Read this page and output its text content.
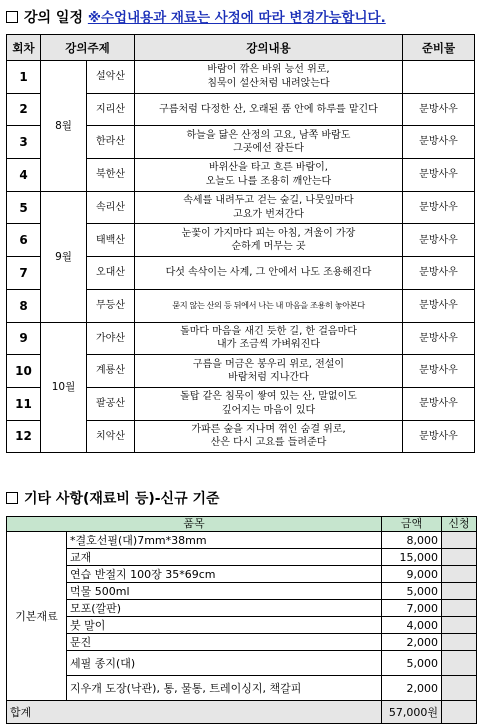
강의 일정 ※수업내용과 재료는 사정에 따라 변경가능합니다.
회차	강의주제		강의내용	준비물
1	8월	설악산	바람이 깎은 바위 능선 위로,
침묵이 설산처럼 내려앉는다	

2		지리산	구름처럼 다정한 산, 오래된 품 안에 하루를 맡긴다	문방사우
3		한라산	하늘을 닮은 산정의 고요, 남쪽 바람도
그곳에선 잠든다	문방사우
4		북한산	바위산을 타고 흐른 바람이,
오늘도 나를 조용히 깨안는다	문방사우
5	9월	속리산	속세를 내려두고 걷는 숲길, 나뭇잎마다
고요가 번져간다	문방사우
6		태백산	눈꽃이 가지마다 피는 아침, 겨울이 가장
순하게 머무는 곳	문방사우
7		오대산	다섯 속삭이는 사계, 그 안에서 나도 조용해진다	문방사우
8		무등산	묻지 않는 산의 등 뒤에서 나는 내 마음을 조용히 놓아본다	문방사우
9	10월	가야산	돌마다 마음을 새긴 듯한 길, 한 걸음마다
내가 조금씩 가벼워진다	문방사우
10		계룡산	구름을 머금은 봉우리 위로, 전설이
바람처럼 지나간다	문방사우
11		팔공산	돌탑 같은 침묵이 쌓여 있는 산, 말없이도
깊어지는 마음이 있다	문방사우
12		치악산	가파른 숲을 지나며 꺾인 숨결 위로,
산은 다시 고요를 들려준다	문방사우
기타 사항(재료비 등)-신규 기준
품목		금액	신청
기본재료	*결호선필(대)7mm*38mm	8,000	
	교재	15,000	
	연습 반절지 100장 35*69cm	9,000	
	먹물 500ml	5,000	
	모포(깔판)	7,000	
	붓 말이	4,000	
	문진	2,000	
	세필 종지(대)	5,000	
	지우개 도장(낙관), 통, 물통, 트레이싱지, 책갈피	2,000	
합계		57,000원	
